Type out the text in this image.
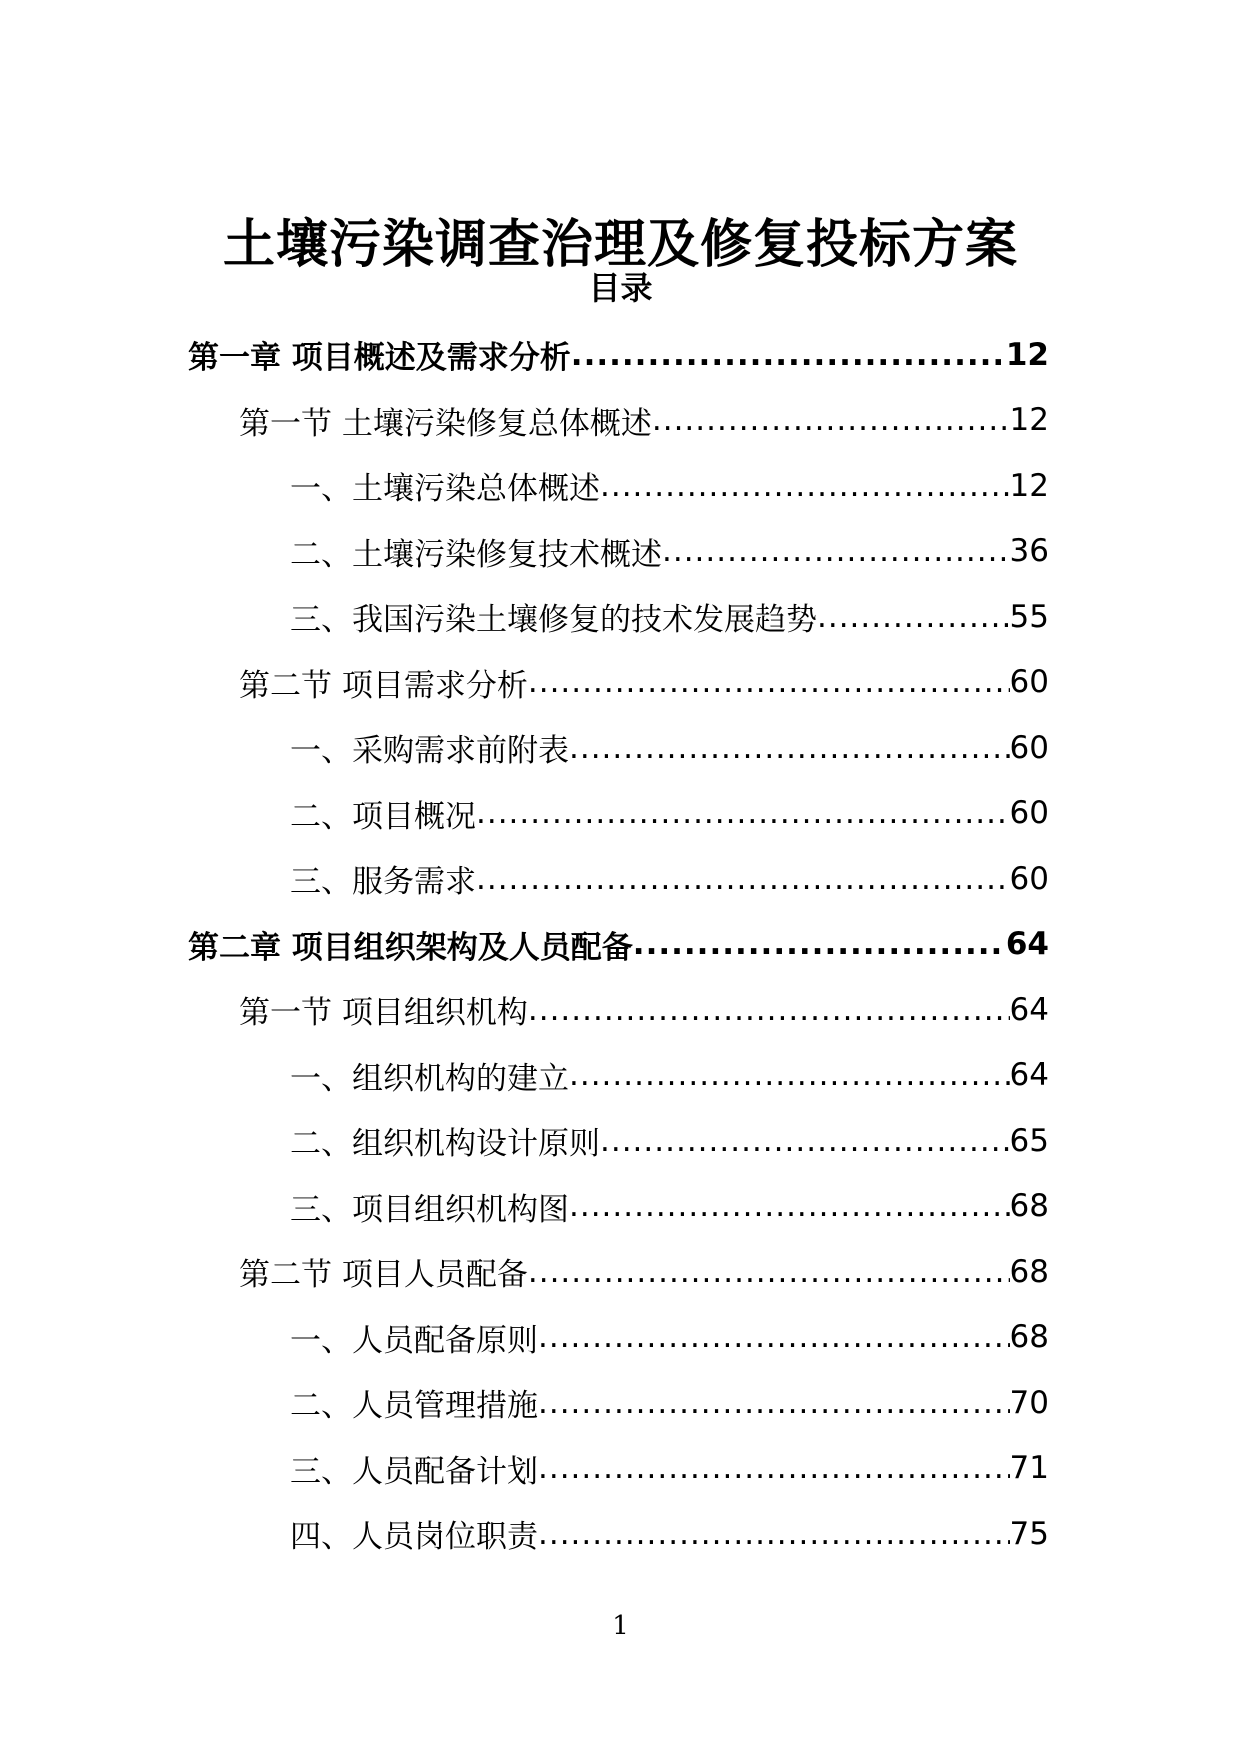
土壤污染调查治理及修复投标方案
目录
第一章 项目概述及需求分析 .....	12
第一节 土壤污染修复总体概述 .....	12
一、土壤污染总体概述 .....	12
二、土壤污染修复技术概述 .....	36
三、我国污染土壤修复的技术发展趋势 .....	55
第二节 项目需求分析 .....	60
一、采购需求前附表 .....	60
二、项目概况 .....	60
三、服务需求 .....	60
第二章 项目组织架构及人员配备 .....	64
第一节 项目组织机构 .....	64
一、组织机构的建立 .....	64
二、组织机构设计原则 .....	65
三、项目组织机构图 .....	68
第二节 项目人员配备 .....	68
一、人员配备原则 .....	68
二、人员管理措施 .....	70
三、人员配备计划 .....	71
四、人员岗位职责 .....	75
1
